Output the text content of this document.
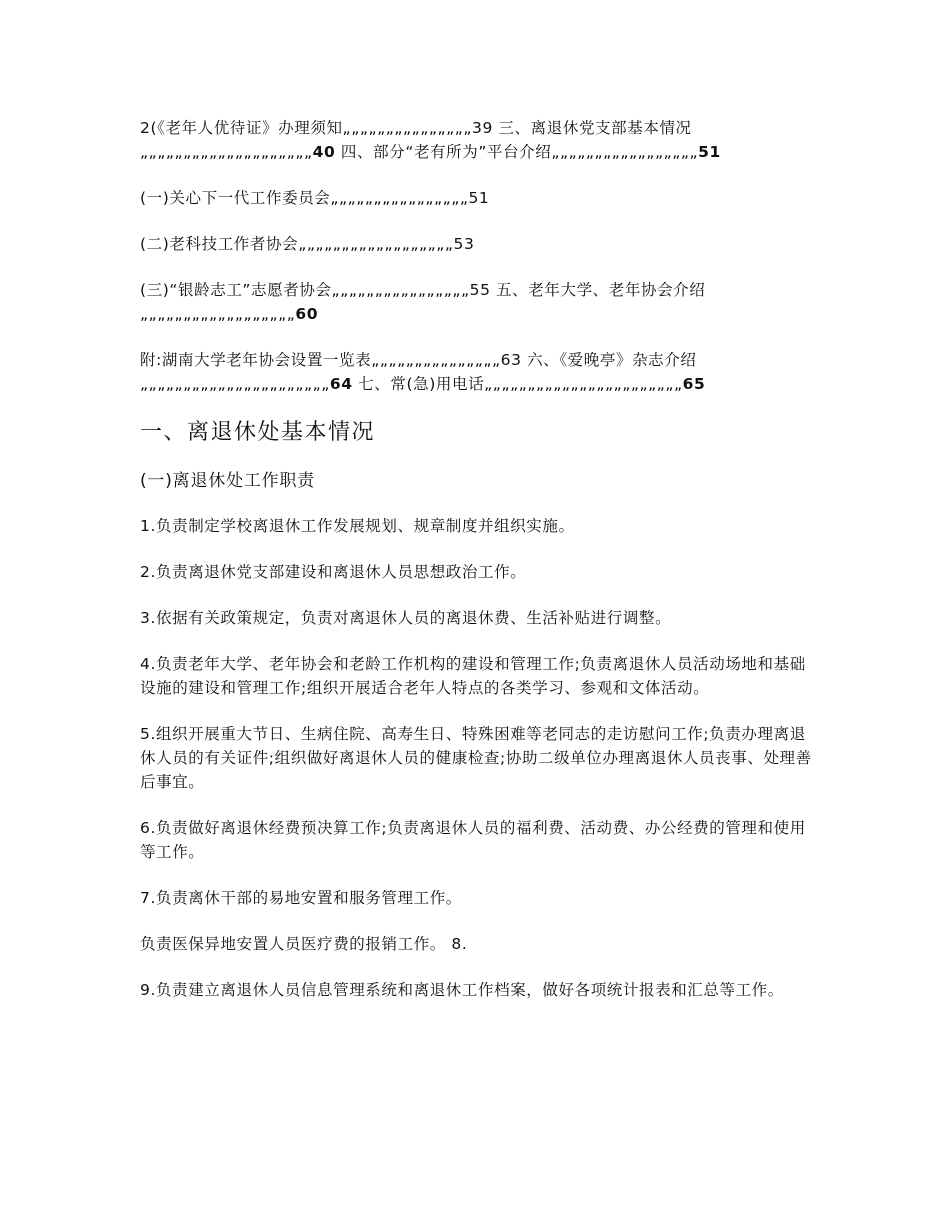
2(《老年人优待证》办理须知„„„„„„„„„„„„„„„39 三、离退休党支部基本情况„„„„„„„„„„„„„„„„„„„„40 四、部分“老有所为”平台介绍„„„„„„„„„„„„„„„„„51

(一)关心下一代工作委员会„„„„„„„„„„„„„„„„51

(二)老科技工作者协会„„„„„„„„„„„„„„„„„„53

(三)“银龄志工”志愿者协会„„„„„„„„„„„„„„„„55 五、老年大学、老年协会介绍„„„„„„„„„„„„„„„„„„60

附:湖南大学老年协会设置一览表„„„„„„„„„„„„„„„63 六、《爱晚亭》杂志介绍„„„„„„„„„„„„„„„„„„„„„„64 七、常(急)用电话„„„„„„„„„„„„„„„„„„„„„„„65

一、离退休处基本情况
(一)离退休处工作职责

1.负责制定学校离退休工作发展规划、规章制度并组织实施。

2.负责离退休党支部建设和离退休人员思想政治工作。

3.依据有关政策规定，负责对离退休人员的离退休费、生活补贴进行调整。

4.负责老年大学、老年协会和老龄工作机构的建设和管理工作;负责离退休人员活动场地和基础设施的建设和管理工作;组织开展适合老年人特点的各类学习、参观和文体活动。

5.组织开展重大节日、生病住院、高寿生日、特殊困难等老同志的走访慰问工作;负责办理离退休人员的有关证件;组织做好离退休人员的健康检查;协助二级单位办理离退休人员丧事、处理善后事宜。

6.负责做好离退休经费预决算工作;负责离退休人员的福利费、活动费、办公经费的管理和使用等工作。

7.负责离休干部的易地安置和服务管理工作。

负责医保异地安置人员医疗费的报销工作。 8.

9.负责建立离退休人员信息管理系统和离退休工作档案，做好各项统计报表和汇总等工作。
